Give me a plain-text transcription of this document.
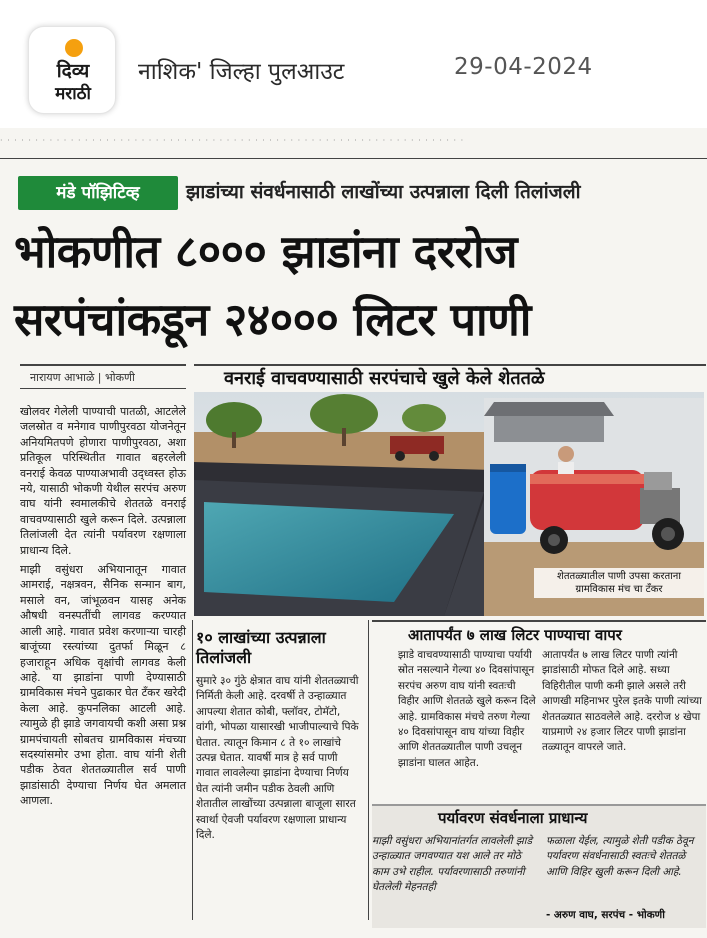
दिव्य
मराठी
नाशिक' जिल्हा पुलआउट	29-04-2024
· · · · · · · · · · · · · · · · · · · · · · · · · · · · · · · · · · · · · · · · · · · · · · · · · · · · · · · · · · · · · · · · · ·
मंडे पॉझिटिव्ह	झाडांच्या संवर्धनासाठी लाखोंच्या उत्पन्नाला दिली तिलांजली
भोकणीत ८००० झाडांना दररोज
सरपंचांकडून २४००० लिटर पाणी
नारायण आभाळे | भोकणी	वनराई वाचवण्यासाठी सरपंचाचे खुले केले शेततळे
शेततळ्यातील पाणी उपसा करताना ग्रामविकास मंच चा टँकर

खोलवर गेलेली पाण्याची पातळी, आटलेले जलस्रोत व मनेगाव पाणीपुरवठा योजनेतून अनियमितपणे होणारा पाणीपुरवठा, अशा प्रतिकूल परिस्थितीत गावात बहरलेली वनराई केवळ पाण्याअभावी उद्ध्वस्त होऊ नये, यासाठी भोकणी येथील सरपंच अरुण वाघ यांनी स्वमालकीचे शेततळे वनराई वाचवण्यासाठी खुले करून दिले. उत्पन्नाला तिलांजली देत त्यांनी पर्यावरण रक्षणाला प्राधान्य दिले.

माझी वसुंधरा अभियानातून गावात आमराई, नक्षत्रवन, सैनिक सन्मान बाग, मसाले वन, जांभूळवन यासह अनेक औषधी वनस्पतींची लागवड करण्यात आली आहे. गावात प्रवेश करणाऱ्या चारही बाजूंच्या रस्त्यांच्या दुतर्फा मिळून ८ हजाराहून अधिक वृक्षांची लागवड केली आहे. या झाडांना पाणी देण्यासाठी ग्रामविकास मंचने पुढाकार घेत टँकर खरेदी केला आहे. कुपनलिका आटली आहे. त्यामुळे ही झाडे जगवायची कशी असा प्रश्न ग्रामपंचायती सोबतच ग्रामविकास मंचच्या सदस्यांसमोर उभा होता. वाघ यांनी शेती पडीक ठेवत शेततळ्यातील सर्व पाणी झाडांसाठी देण्याचा निर्णय घेत अमलात आणला.

१० लाखांच्या उत्पन्नाला तिलांजली
सुमारे ३० गुंठे क्षेत्रात वाघ यांनी शेततळ्याची निर्मिती केली आहे. दरवर्षी ते उन्हाळ्यात आपल्या शेतात कोबी, फ्लॉवर, टोमॅटो, वांगी, भोपळा यासारखी भाजीपाल्याचे पिके घेतात. त्यातून किमान ८ ते १० लाखांचे उत्पन्न घेतात. यावर्षी मात्र हे सर्व पाणी गावात लावलेल्या झाडांना देण्याचा निर्णय घेत त्यांनी जमीन पडीक ठेवली आणि शेतातील लाखोंच्या उत्पन्नाला बाजूला सारत स्वार्था ऐवजी पर्यावरण रक्षणाला प्राधान्य दिले.
आतापर्यंत ७ लाख लिटर पाण्याचा वापर
झाडे वाचवण्यासाठी पाण्याचा पर्यायी स्रोत नसल्याने गेल्या ४० दिवसांपासून सरपंच अरुण वाघ यांनी स्वतःची विहीर आणि शेततळे खुले करून दिले आहे. ग्रामविकास मंचचे तरुण गेल्या ४० दिवसांपासून वाघ यांच्या विहीर आणि शेततळ्यातील पाणी उचलून झाडांना घालत आहेत.
आतापर्यंत ७ लाख लिटर पाणी त्यांनी झाडांसाठी मोफत दिले आहे. सध्या विहिरीतील पाणी कमी झाले असले तरी आणखी महिनाभर पुरेल इतके पाणी त्यांच्या शेततळ्यात साठवलेले आहे. दररोज ४ खेपा याप्रमाणे २४ हजार लिटर पाणी झाडांना तळ्यातून वापरले जाते.
पर्यावरण संवर्धनाला प्राधान्य
माझी वसुंधरा अभियानांतर्गत लावलेली झाडे उन्हाळ्यात जगवण्यात यश आले तर मोठे काम उभे राहील. पर्यावरणासाठी तरुणांनी घेतलेली मेहनतही
फळाला येईल, त्यामुळे शेती पडीक ठेवून पर्यावरण संवर्धनासाठी स्वतःचे शेततळे आणि विहिर खुली करून दिली आहे.
- अरुण वाघ, सरपंच - भोकणी
